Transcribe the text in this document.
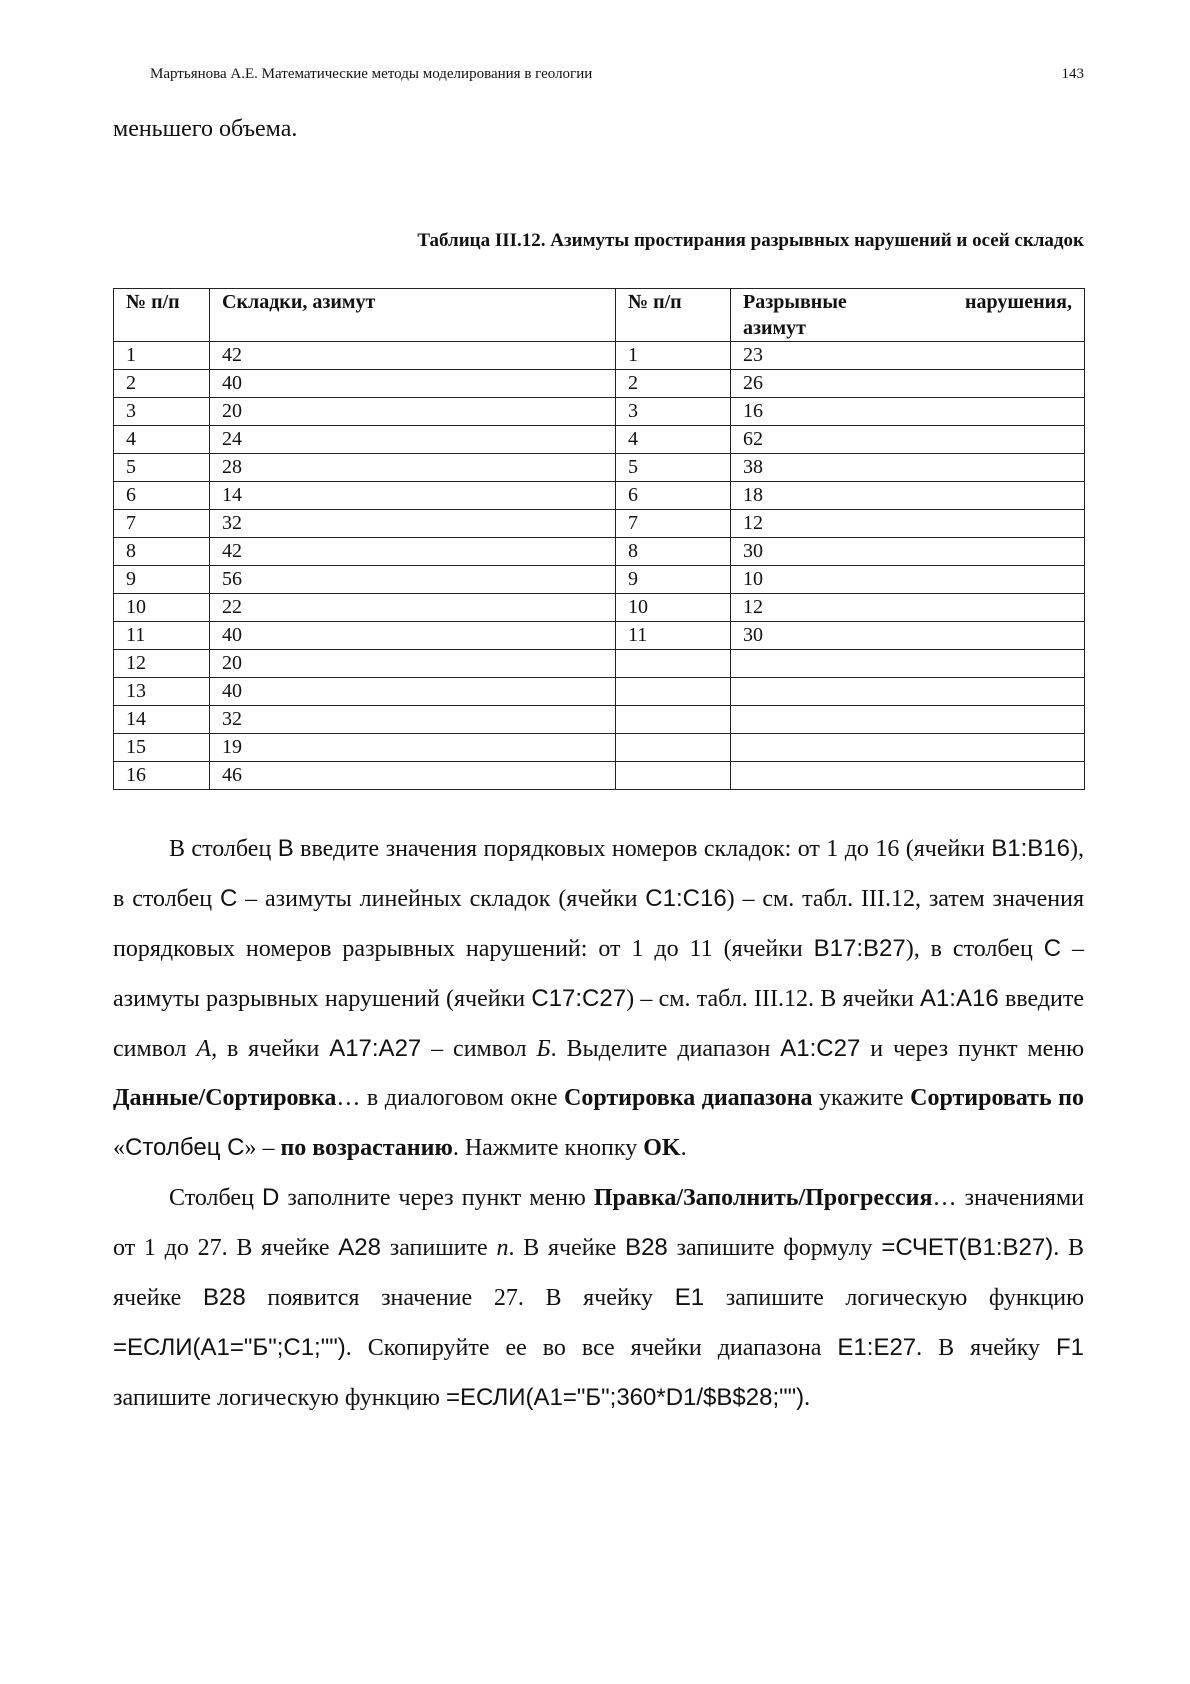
Мартьянова А.Е. Математические методы моделирования в геологии	143
меньшего объема.
Таблица III.12. Азимуты простирания разрывных нарушений и осей складок
№ п/п	Складки, азимут	№ п/п	Разрывные нарушения,
азимут

1	42	1	23
2	40	2	26
3	20	3	16
4	24	4	62
5	28	5	38
6	14	6	18
7	32	7	12
8	42	8	30
9	56	9	10
10	22	10	12
11	40	11	30
12	20		
13	40		
14	32		
15	19		
16	46		

В столбец B введите значения порядковых номеров складок: от 1 до 16 (ячейки B1:B16), в столбец C – азимуты линейных складок (ячейки C1:C16) – см. табл. III.12, затем значения порядковых номеров разрывных нарушений: от 1 до 11 (ячейки B17:B27), в столбец C – азимуты разрывных нарушений (ячейки C17:C27) – см. табл. III.12. В ячейки A1:A16 введите символ А, в ячейки A17:A27 – символ Б. Выделите диапазон A1:C27 и через пункт меню Данные/Сортировка… в диалоговом окне Сортировка диапазона укажите Сортировать по «Столбец С» – по возрастанию. Нажмите кнопку OK.

Столбец D заполните через пункт меню Правка/Заполнить/Прогрессия… значениями от 1 до 27. В ячейке A28 запишите n. В ячейке B28 запишите формулу =СЧЕТ(B1:B27). В ячейке B28 появится значение 27. В ячейку E1 запишите логическую функцию =ЕСЛИ(A1="Б";C1;""). Скопируйте ее во все ячейки диапазона E1:E27. В ячейку F1 запишите логическую функцию =ЕСЛИ(A1="Б";360*D1/$B$28;"").
